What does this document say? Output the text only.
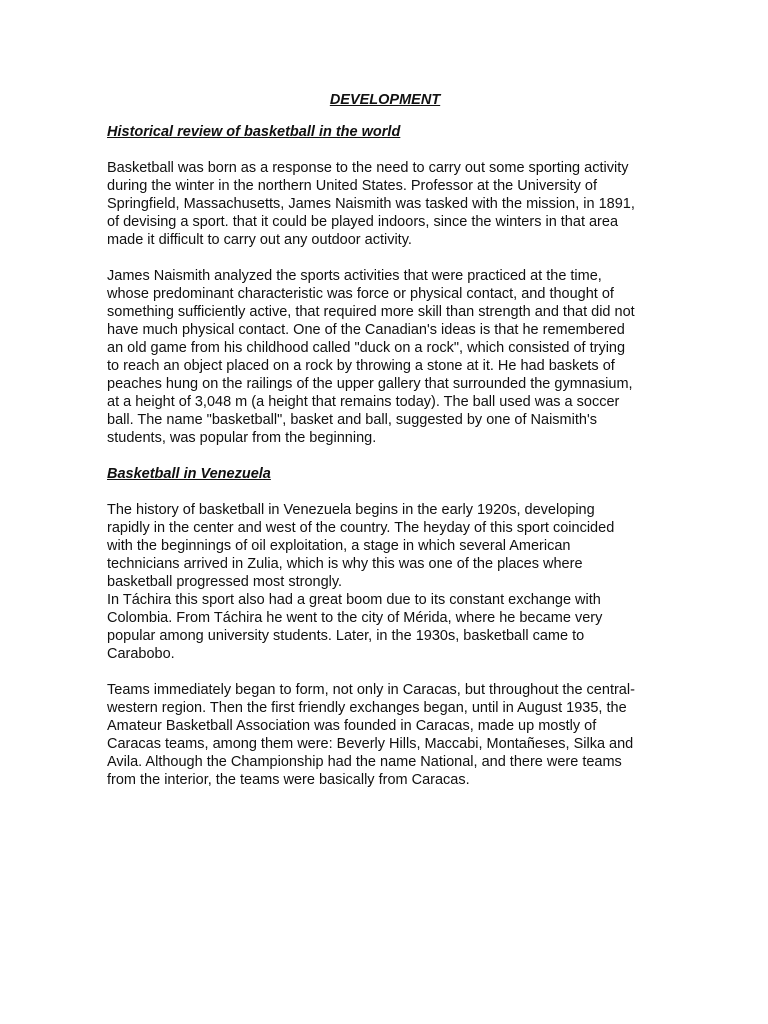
DEVELOPMENT
Historical review of basketball in the world

Basketball was born as a response to the need to carry out some sporting activity
during the winter in the northern United States. Professor at the University of
Springfield, Massachusetts, James Naismith was tasked with the mission, in 1891,
of devising a sport. that it could be played indoors, since the winters in that area
made it difficult to carry out any outdoor activity.

James Naismith analyzed the sports activities that were practiced at the time,
whose predominant characteristic was force or physical contact, and thought of
something sufficiently active, that required more skill than strength and that did not
have much physical contact. One of the Canadian's ideas is that he remembered
an old game from his childhood called "duck on a rock", which consisted of trying
to reach an object placed on a rock by throwing a stone at it. He had baskets of
peaches hung on the railings of the upper gallery that surrounded the gymnasium,
at a height of 3,048 m (a height that remains today). The ball used was a soccer
ball. The name "basketball", basket and ball, suggested by one of Naismith's
students, was popular from the beginning.

Basketball in Venezuela

The history of basketball in Venezuela begins in the early 1920s, developing
rapidly in the center and west of the country. The heyday of this sport coincided
with the beginnings of oil exploitation, a stage in which several American
technicians arrived in Zulia, which is why this was one of the places where
basketball progressed most strongly.

In Táchira this sport also had a great boom due to its constant exchange with
Colombia. From Táchira he went to the city of Mérida, where he became very
popular among university students. Later, in the 1930s, basketball came to
Carabobo.

Teams immediately began to form, not only in Caracas, but throughout the central-
western region. Then the first friendly exchanges began, until in August 1935, the
Amateur Basketball Association was founded in Caracas, made up mostly of
Caracas teams, among them were: Beverly Hills, Maccabi, Montañeses, Silka and
Avila. Although the Championship had the name National, and there were teams
from the interior, the teams were basically from Caracas.
